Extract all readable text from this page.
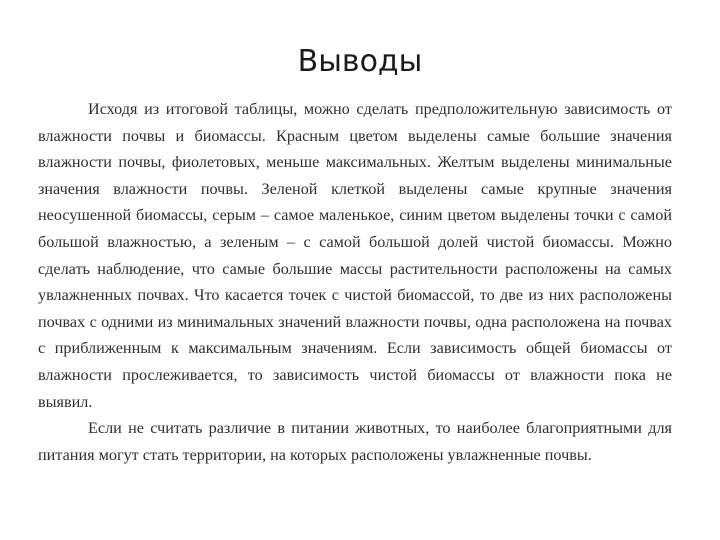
Выводы

Исходя из итоговой таблицы, можно сделать предположительную зависимость от влажности почвы и биомассы. Красным цветом выделены самые большие значения влажности почвы, фиолетовых, меньше максимальных. Желтым выделены минимальные значения влажности почвы. Зеленой клеткой выделены самые крупные значения неосушенной биомассы, серым – самое маленькое, синим цветом выделены точки с самой большой влажностью, а зеленым – с самой большой долей чистой биомассы. Можно сделать наблюдение, что самые большие массы растительности расположены на самых увлажненных почвах. Что касается точек с чистой биомассой, то две из них расположены почвах с одними из минимальных значений влажности почвы, одна расположена на почвах с приближенным к максимальным значениям. Если зависимость общей биомассы от влажности прослеживается, то зависимость чистой биомассы от влажности пока не выявил.

Если не считать различие в питании животных, то наиболее благоприятными для питания могут стать территории, на которых расположены увлажненные почвы.
